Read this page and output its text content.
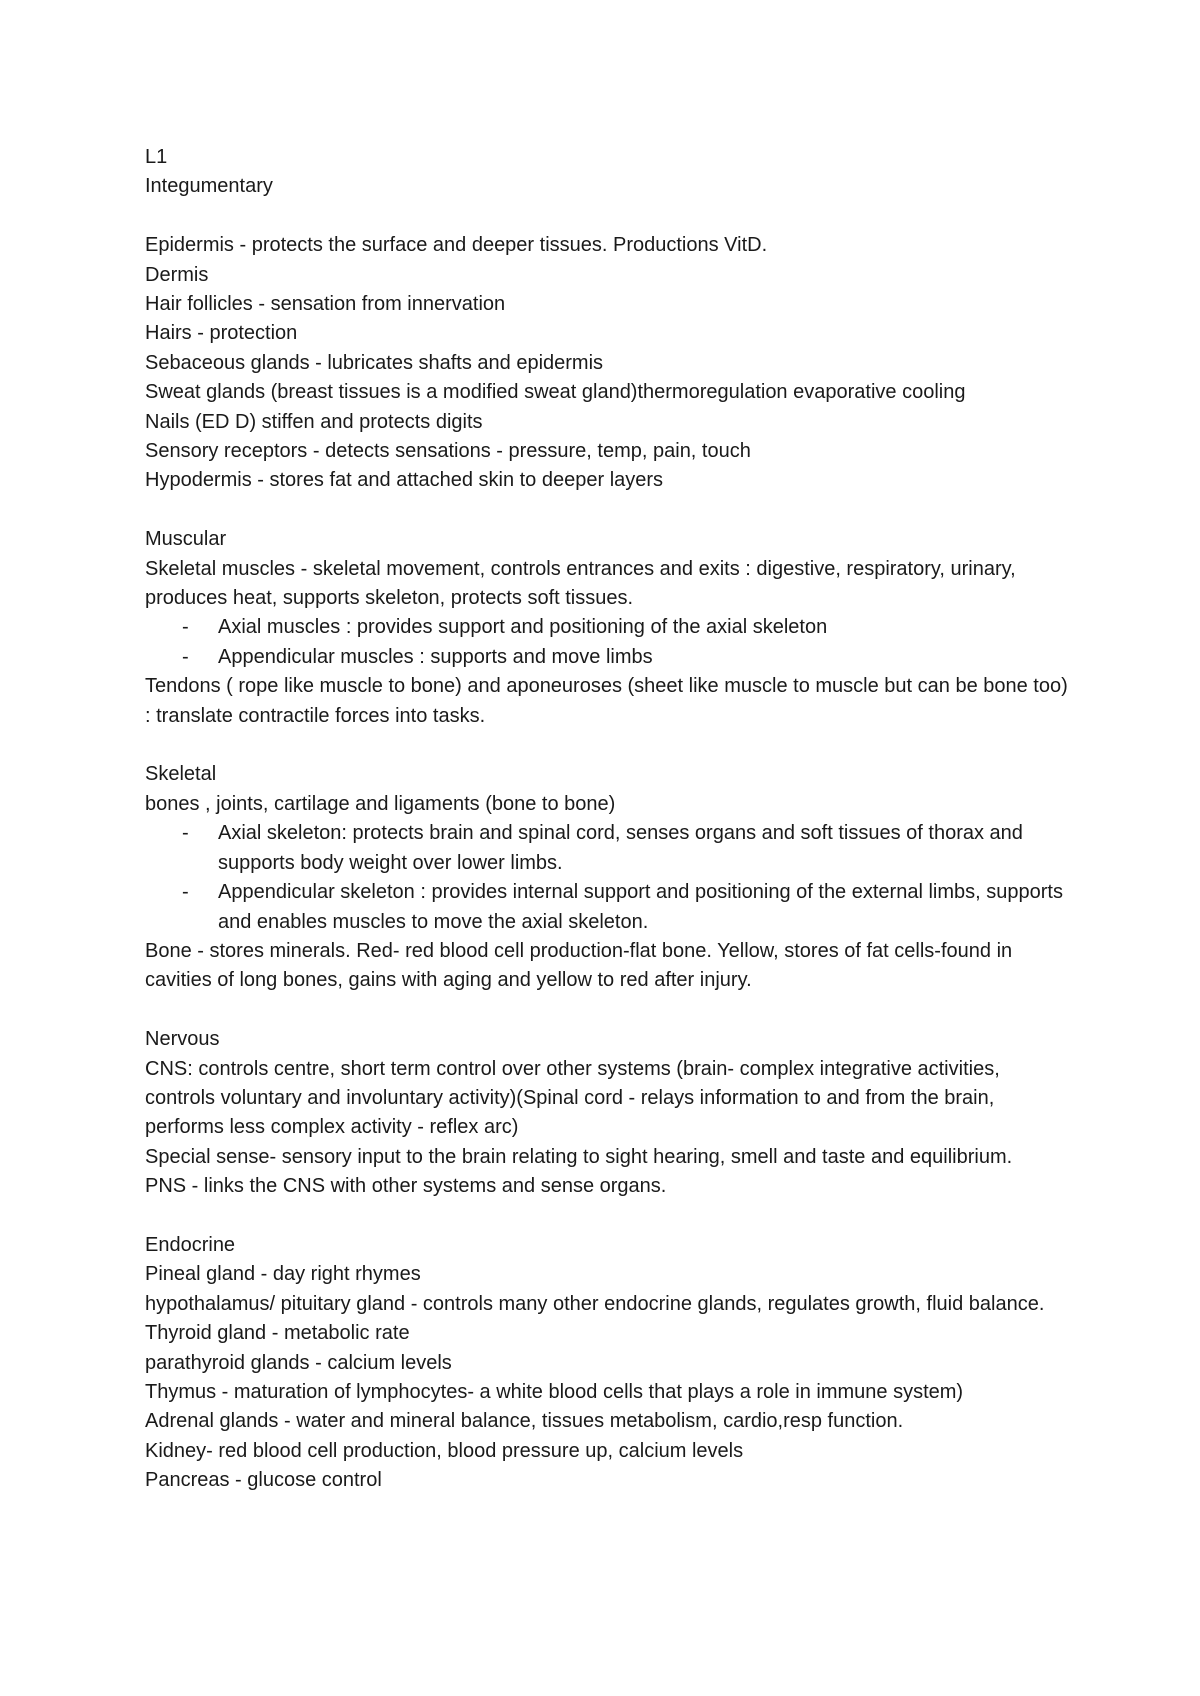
L1
Integumentary
Epidermis - protects the surface and deeper tissues. Productions VitD.
Dermis
Hair follicles - sensation from innervation
Hairs - protection
Sebaceous glands - lubricates shafts and epidermis
Sweat glands (breast tissues is a modified sweat gland)thermoregulation evaporative cooling
Nails (ED D) stiffen and protects digits
Sensory receptors - detects sensations - pressure, temp, pain, touch
Hypodermis - stores fat and attached skin to deeper layers
Muscular
Skeletal muscles - skeletal movement, controls entrances and exits : digestive, respiratory, urinary, produces heat, supports skeleton, protects soft tissues.
-	Axial muscles : provides support and positioning of the axial skeleton
-	Appendicular muscles : supports and move limbs
Tendons ( rope like muscle to bone) and aponeuroses (sheet like muscle to muscle but can be bone too) : translate contractile forces into tasks.
Skeletal
bones , joints, cartilage and ligaments (bone to bone)
-	Axial skeleton: protects brain and spinal cord, senses organs and soft tissues of thorax and supports body weight over lower limbs.
-	Appendicular skeleton : provides internal support and positioning of the external limbs, supports and enables muscles to move the axial skeleton.
Bone - stores minerals. Red- red blood cell production-flat bone. Yellow, stores of fat cells-found in cavities of long bones, gains with aging and yellow to red after injury.
Nervous
CNS: controls centre, short term control over other systems (brain- complex integrative activities, controls voluntary and involuntary activity)(Spinal cord - relays information to and from the brain, performs less complex activity - reflex arc)
Special sense- sensory input to the brain relating to sight hearing, smell and taste and equilibrium.
PNS - links the CNS with other systems and sense organs.
Endocrine
Pineal gland - day right rhymes
hypothalamus/ pituitary gland - controls many other endocrine glands, regulates growth, fluid balance.
Thyroid gland - metabolic rate
parathyroid glands - calcium levels
Thymus - maturation of lymphocytes- a white blood cells that plays a role in immune system)
Adrenal glands - water and mineral balance, tissues metabolism, cardio,resp function.
Kidney- red blood cell production, blood pressure up, calcium levels
Pancreas - glucose control
